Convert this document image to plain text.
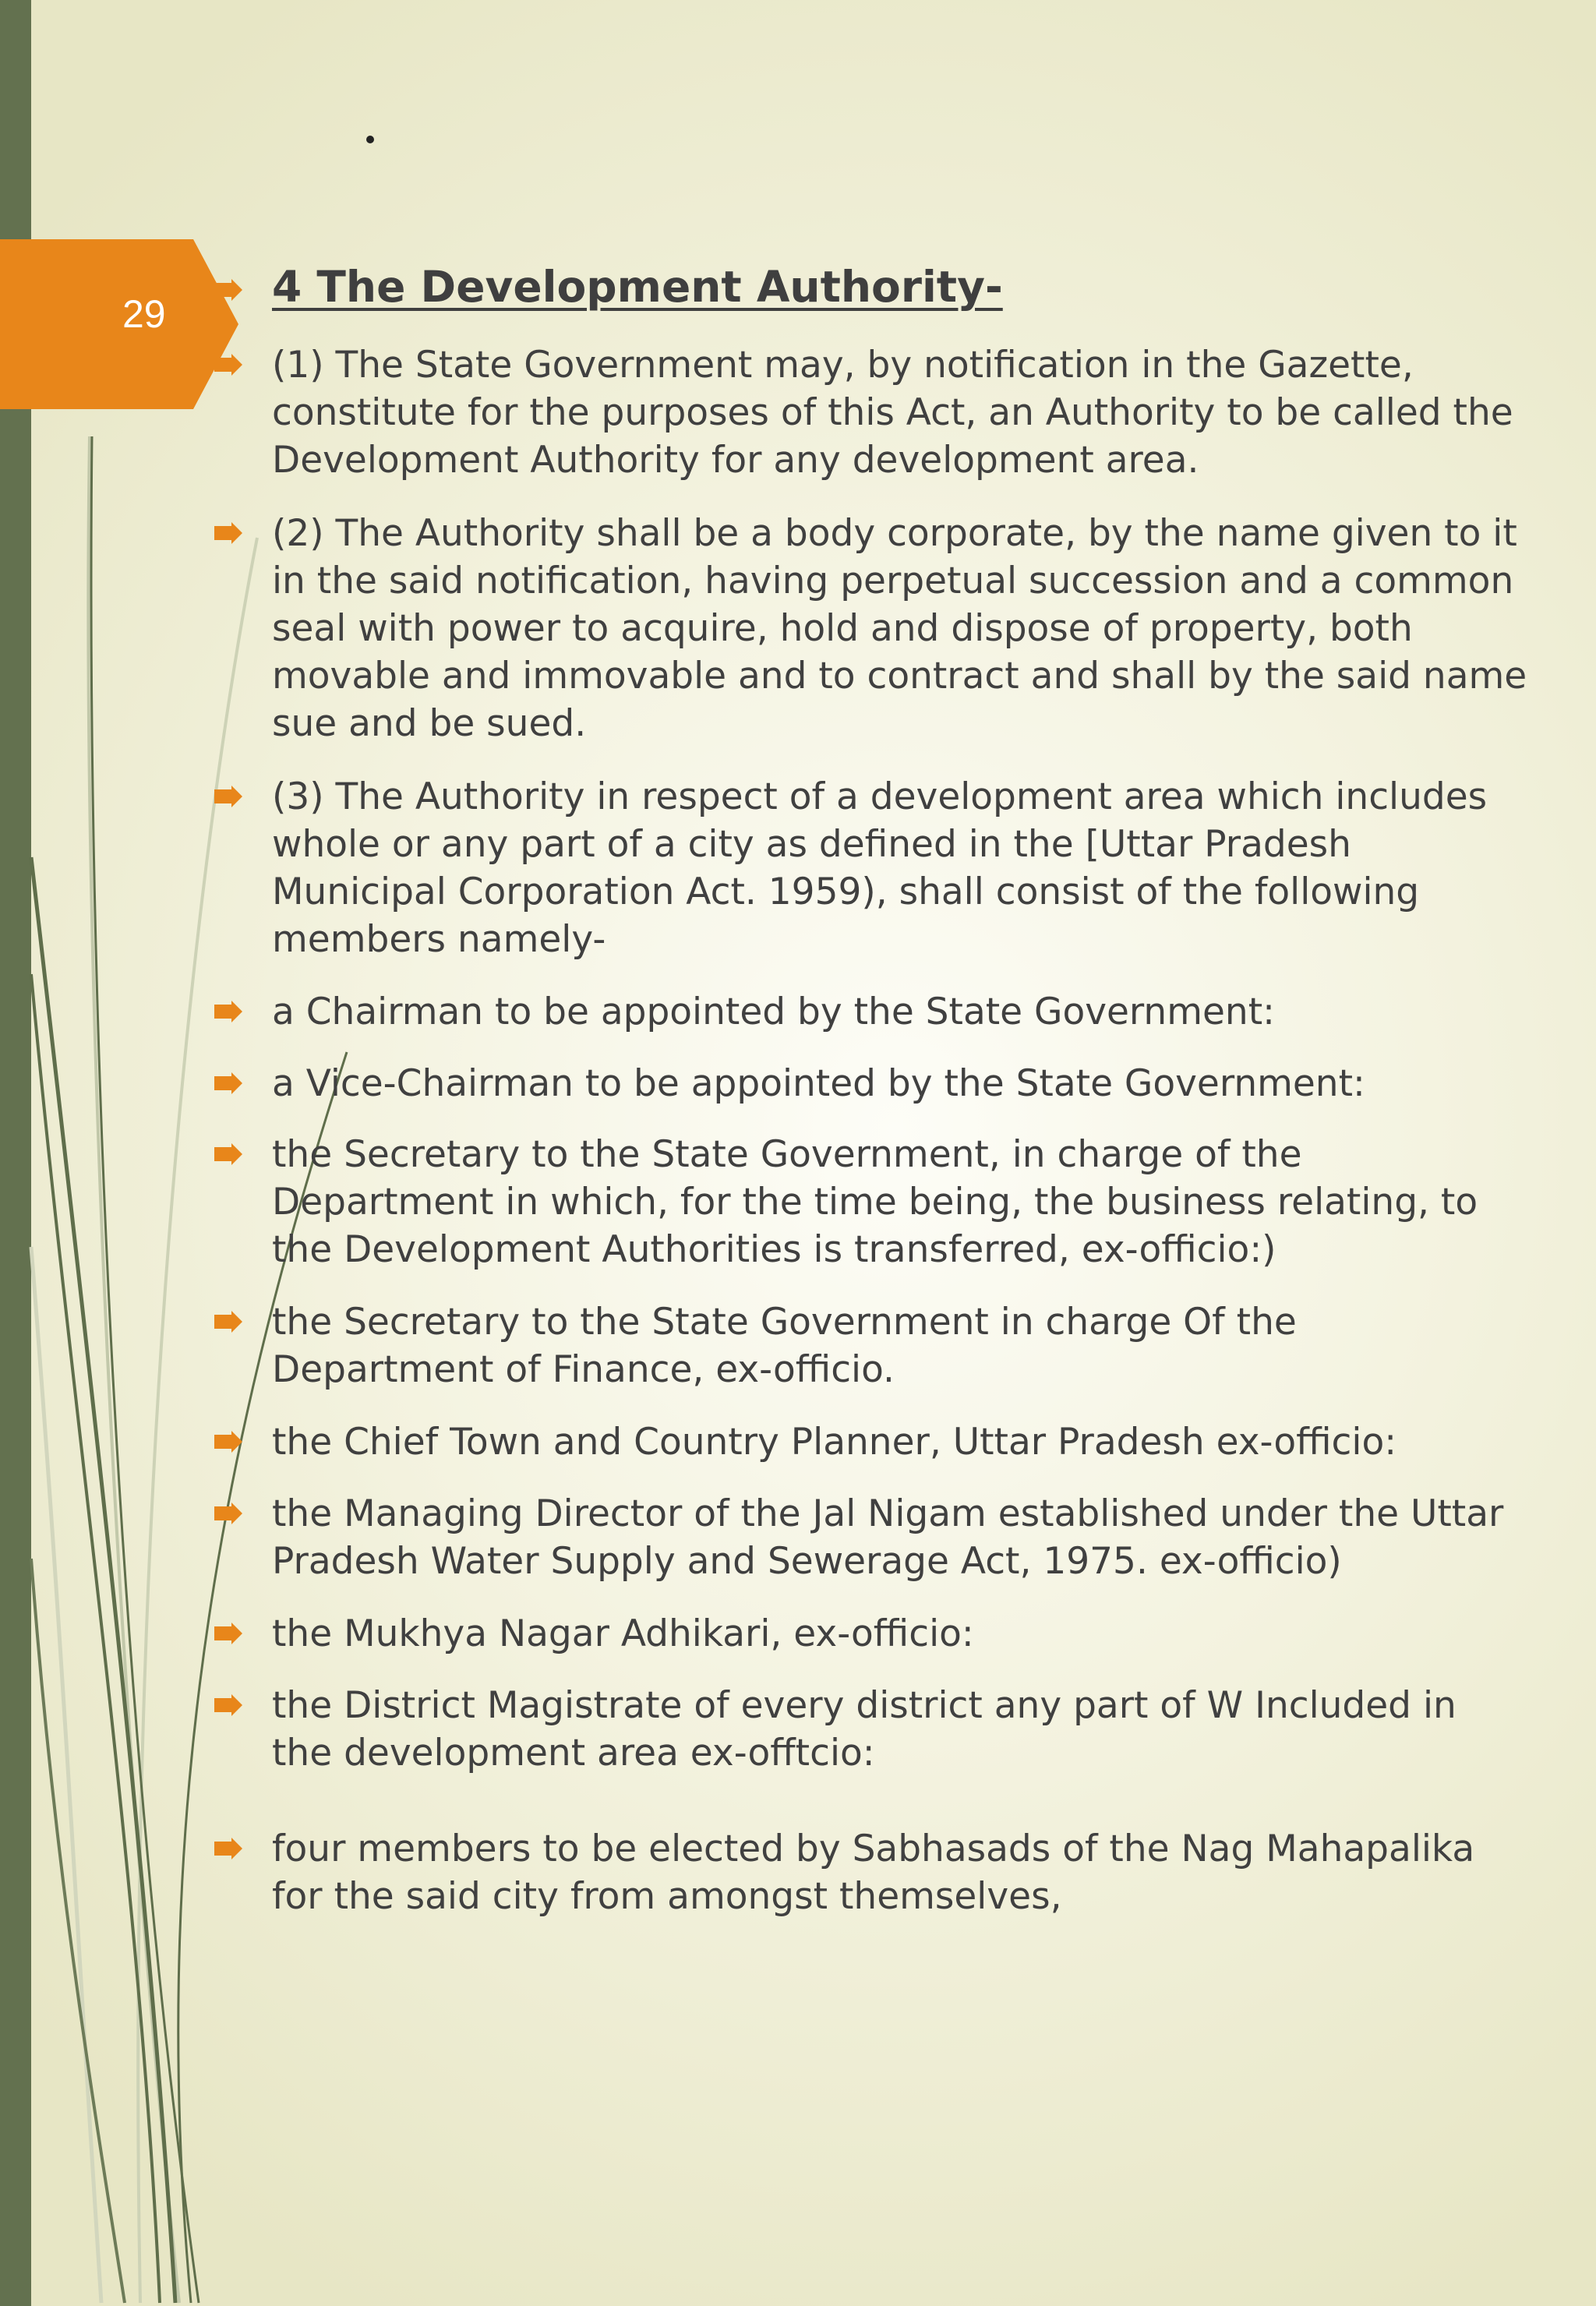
29
4 The Development Authority-
(1) The State Government may, by notification in the Gazette,
constitute for the purposes of this Act, an Authority to be called the
Development Authority for any development area.
(2) The Authority shall be a body corporate, by the name given to it
in the said notification, having perpetual succession and a common
seal with power to acquire, hold and dispose of property, both
movable and immovable and to contract and shall by the said name
sue and be sued.
(3) The Authority in respect of a development area which includes
whole or any part of a city as defined in the [Uttar Pradesh
Municipal Corporation Act. 1959), shall consist of the following
members namely-
a Chairman to be appointed by the State Government:
a Vice-Chairman to be appointed by the State Government:
the Secretary to the State Government, in charge of the
Department in which, for the time being, the business relating, to
the Development Authorities is transferred, ex-officio:)
the Secretary to the State Government in charge Of the
Department of Finance, ex-officio.
the Chief Town and Country Planner, Uttar Pradesh ex-officio:
the Managing Director of the Jal Nigam established under the Uttar
Pradesh Water Supply and Sewerage Act, 1975. ex-officio)
the Mukhya Nagar Adhikari, ex-officio:
the District Magistrate of every district any part of W Included in
the development area ex-offtcio:
four members to be elected by Sabhasads of the Nag Mahapalika
for the said city from amongst themselves,
